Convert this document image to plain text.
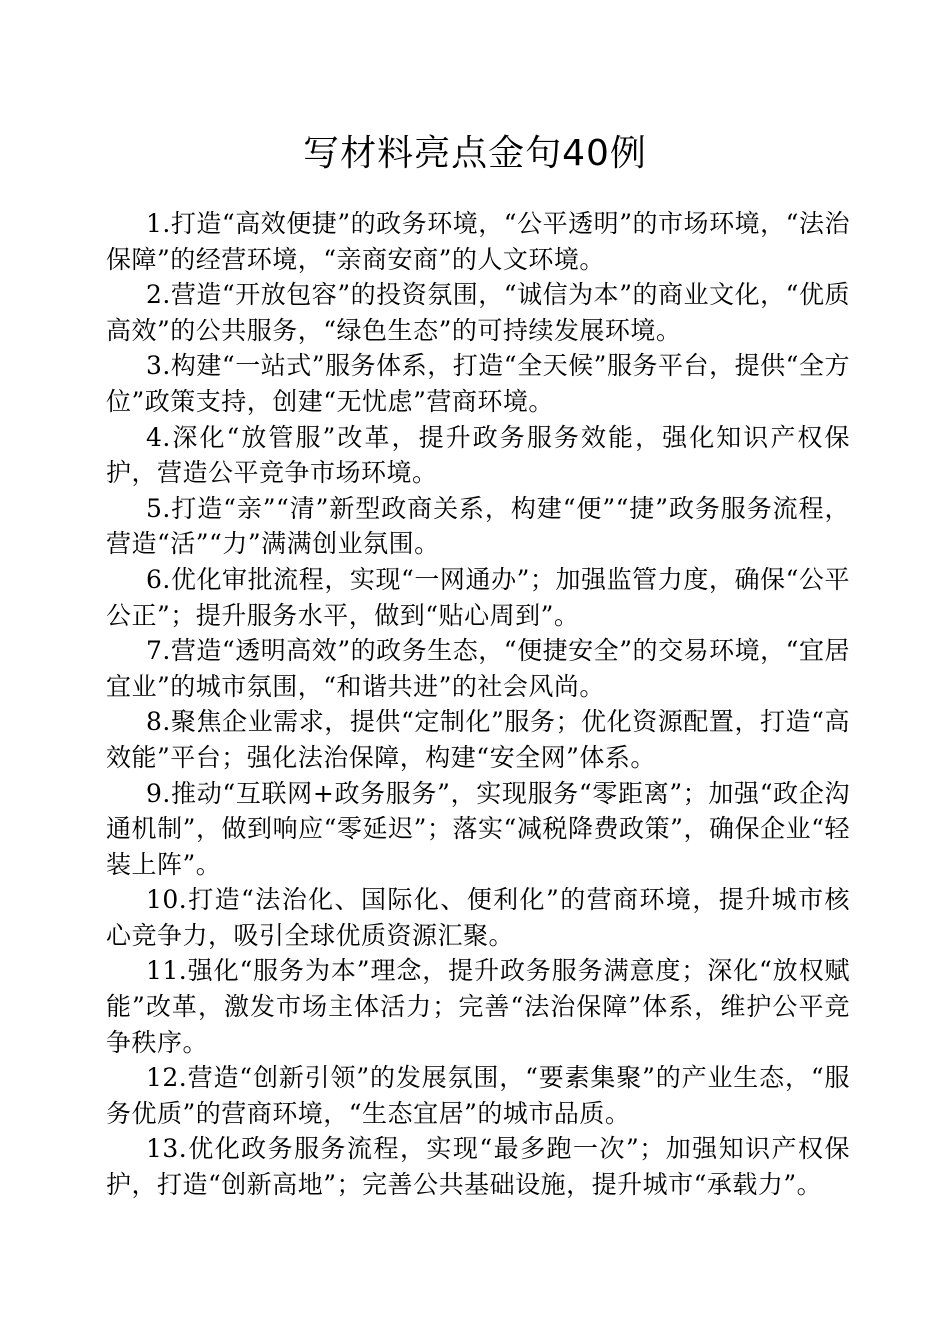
写材料亮点金句40例

1.打造“高效便捷”的政务环境，“公平透明”的市场环境，“法治保障”的经营环境，“亲商安商”的人文环境。

2.营造“开放包容”的投资氛围，“诚信为本”的商业文化，“优质高效”的公共服务，“绿色生态”的可持续发展环境。

3.构建“一站式”服务体系，打造“全天候”服务平台，提供“全方位”政策支持，创建“无忧虑”营商环境。

4.深化“放管服”改革，提升政务服务效能，强化知识产权保护，营造公平竞争市场环境。

5.打造“亲”“清”新型政商关系，构建“便”“捷”政务服务流程，营造“活”“力”满满创业氛围。

6.优化审批流程，实现“一网通办”；加强监管力度，确保“公平公正”；提升服务水平，做到“贴心周到”。

7.营造“透明高效”的政务生态，“便捷安全”的交易环境，“宜居宜业”的城市氛围，“和谐共进”的社会风尚。

8.聚焦企业需求，提供“定制化”服务；优化资源配置，打造“高效能”平台；强化法治保障，构建“安全网”体系。

9.推动“互联网+政务服务”，实现服务“零距离”；加强“政企沟通机制”，做到响应“零延迟”；落实“减税降费政策”，确保企业“轻装上阵”。

10.打造“法治化、国际化、便利化”的营商环境，提升城市核心竞争力，吸引全球优质资源汇聚。

11.强化“服务为本”理念，提升政务服务满意度；深化“放权赋能”改革，激发市场主体活力；完善“法治保障”体系，维护公平竞争秩序。

12.营造“创新引领”的发展氛围，“要素集聚”的产业生态，“服务优质”的营商环境，“生态宜居”的城市品质。

13.优化政务服务流程，实现“最多跑一次”；加强知识产权保护，打造“创新高地”；完善公共基础设施，提升城市“承载力”。
